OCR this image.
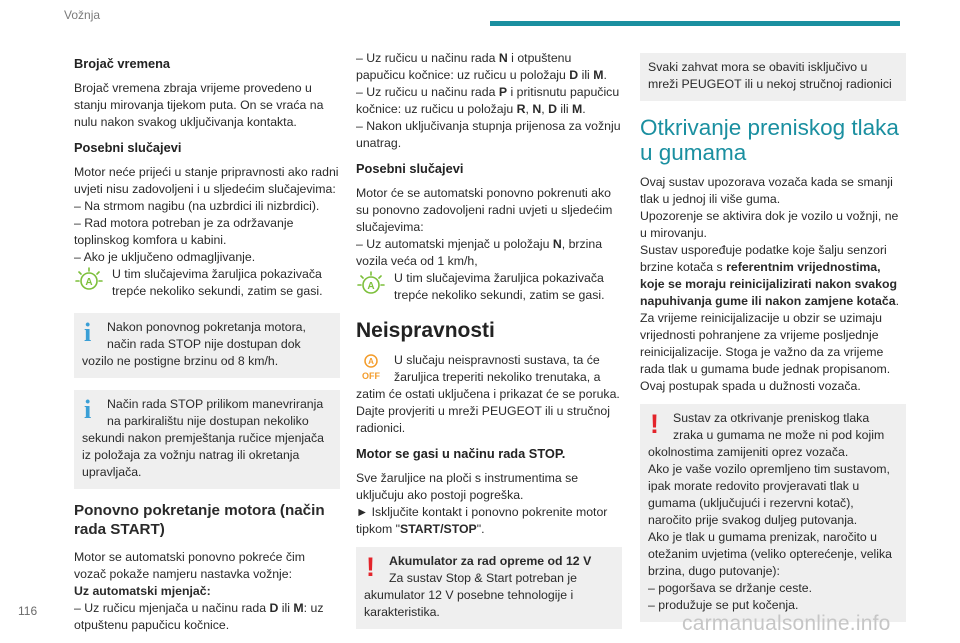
Vožnja
Brojač vremena

Brojač vremena zbraja vrijeme provedeno u stanju mirovanja tijekom puta. On se vraća na nulu nakon svakog uključivanja kontakta.

Posebni slučajevi

Motor neće prijeći u stanje pripravnosti ako radni uvjeti nisu zadovoljeni i u sljedećim slučajevima:

– Na strmom nagibu (na uzbrdici ili nizbrdici).

– Rad motora potreban je za održavanje toplinskog komfora u kabini.

– Ako je uključeno odmagljivanje.

A

U tim slučajevima žaruljica pokazivača trepće nekoliko sekundi, zatim se gasi.

i	Nakon ponovnog pokretanja motora, način rada STOP nije dostupan dok vozilo ne postigne brzinu od 8 km/h.

i	Način rada STOP prilikom manevriranja na parkiralištu nije dostupan nekoliko sekundi nakon premještanja ručice mjenjača iz položaja za vožnju natrag ili okretanja upravljača.

Ponovno pokretanje motora (način rada START)

Motor se automatski ponovno pokreće čim vozač pokaže namjeru nastavka vožnje:

Uz automatski mjenjač:

– Uz ručicu mjenjača u načinu rada D ili M: uz otpuštenu papučicu kočnice.

– Uz ručicu u načinu rada N i otpuštenu papučicu kočnice: uz ručicu u položaju D ili M.

– Uz ručicu u načinu rada P i pritisnutu papučicu kočnice: uz ručicu u položaju R, N, D ili M.

– Nakon uključivanja stupnja prijenosa za vožnju unatrag.

Posebni slučajevi

Motor će se automatski ponovno pokrenuti ako su ponovno zadovoljeni radni uvjeti u sljedećim slučajevima:

– Uz automatski mjenjač u položaju N, brzina vozila veća od 1 km/h,

A

U tim slučajevima žaruljica pokazivača trepće nekoliko sekundi, zatim se gasi.

Neispravnosti
A
OFF

U slučaju neispravnosti sustava, ta će žaruljica treperiti nekoliko trenutaka, a zatim će ostati uključena i prikazat će se poruka. Dajte provjeriti u mreži PEUGEOT ili u stručnoj radionici.

Motor se gasi u načinu rada STOP.

Sve žaruljice na ploči s instrumentima se uključuju ako postoji pogreška.

► Isključite kontakt i ponovno pokrenite motor tipkom "START/STOP".

!	Akumulator za rad opreme od 12 V

Za sustav Stop & Start potreban je akumulator 12 V posebne tehnologije i karakteristika.

Svaki zahvat mora se obaviti isključivo u mreži PEUGEOT ili u nekoj stručnoj radionici

Otkrivanje preniskog tlaka u gumama

Ovaj sustav upozorava vozača kada se smanji tlak u jednoj ili više guma.

Upozorenje se aktivira dok je vozilo u vožnji, ne u mirovanju.

Sustav uspoređuje podatke koje šalju senzori brzine kotača s referentnim vrijednostima, koje se moraju reinicijalizirati nakon svakog napuhivanja gume ili nakon zamjene kotača.

Za vrijeme reinicijalizacije u obzir se uzimaju vrijednosti pohranjene za vrijeme posljednje reinicijalizacije. Stoga je važno da za vrijeme rada tlak u gumama bude jednak propisanom. Ovaj postupak spada u dužnosti vozača.

!	Sustav za otkrivanje preniskog tlaka zraka u gumama ne može ni pod kojim okolnostima zamijeniti oprez vozača.

Ako je vaše vozilo opremljeno tim sustavom, ipak morate redovito provjeravati tlak u gumama (uključujući i rezervni kotač), naročito prije svakog duljeg putovanja.

Ako je tlak u gumama prenizak, naročito u otežanim uvjetima (veliko opterećenje, velika brzina, dugo putovanje):

– pogoršava se držanje ceste.

– produžuje se put kočenja.

116
carmanualsonline.info
